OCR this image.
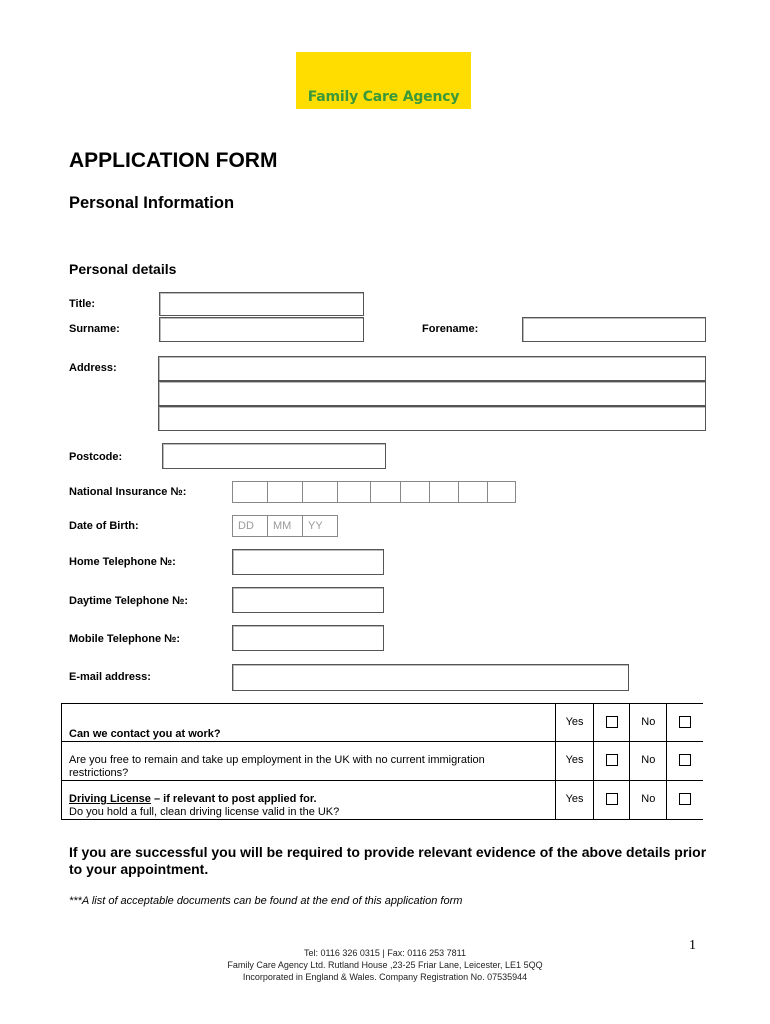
Family Care Agency
APPLICATION FORM
Personal Information
Personal details
Title:
Surname:	Forename:
Address:
Postcode:
National Insurance №:
Date of Birth:	DD	MM	YY
Home Telephone №:
Daytime Telephone №:
Mobile Telephone №:
E-mail address:
Can we contact you at work?	Yes		No	

Are you free to remain and take up employment in the UK with no current immigration restrictions?	Yes		No	
Driving License – if relevant to post applied for.
Do you hold a full, clean driving license valid in the UK?	Yes		No	
If you are successful you will be required to provide relevant evidence of the above details prior to your appointment.
***A list of acceptable documents can be found at the end of this application form
1
Tel: 0116 326 0315 | Fax: 0116 253 7811
Family Care Agency Ltd. Rutland House ,23-25 Friar Lane, Leicester, LE1 5QQ
Incorporated in England & Wales. Company Registration No. 07535944
